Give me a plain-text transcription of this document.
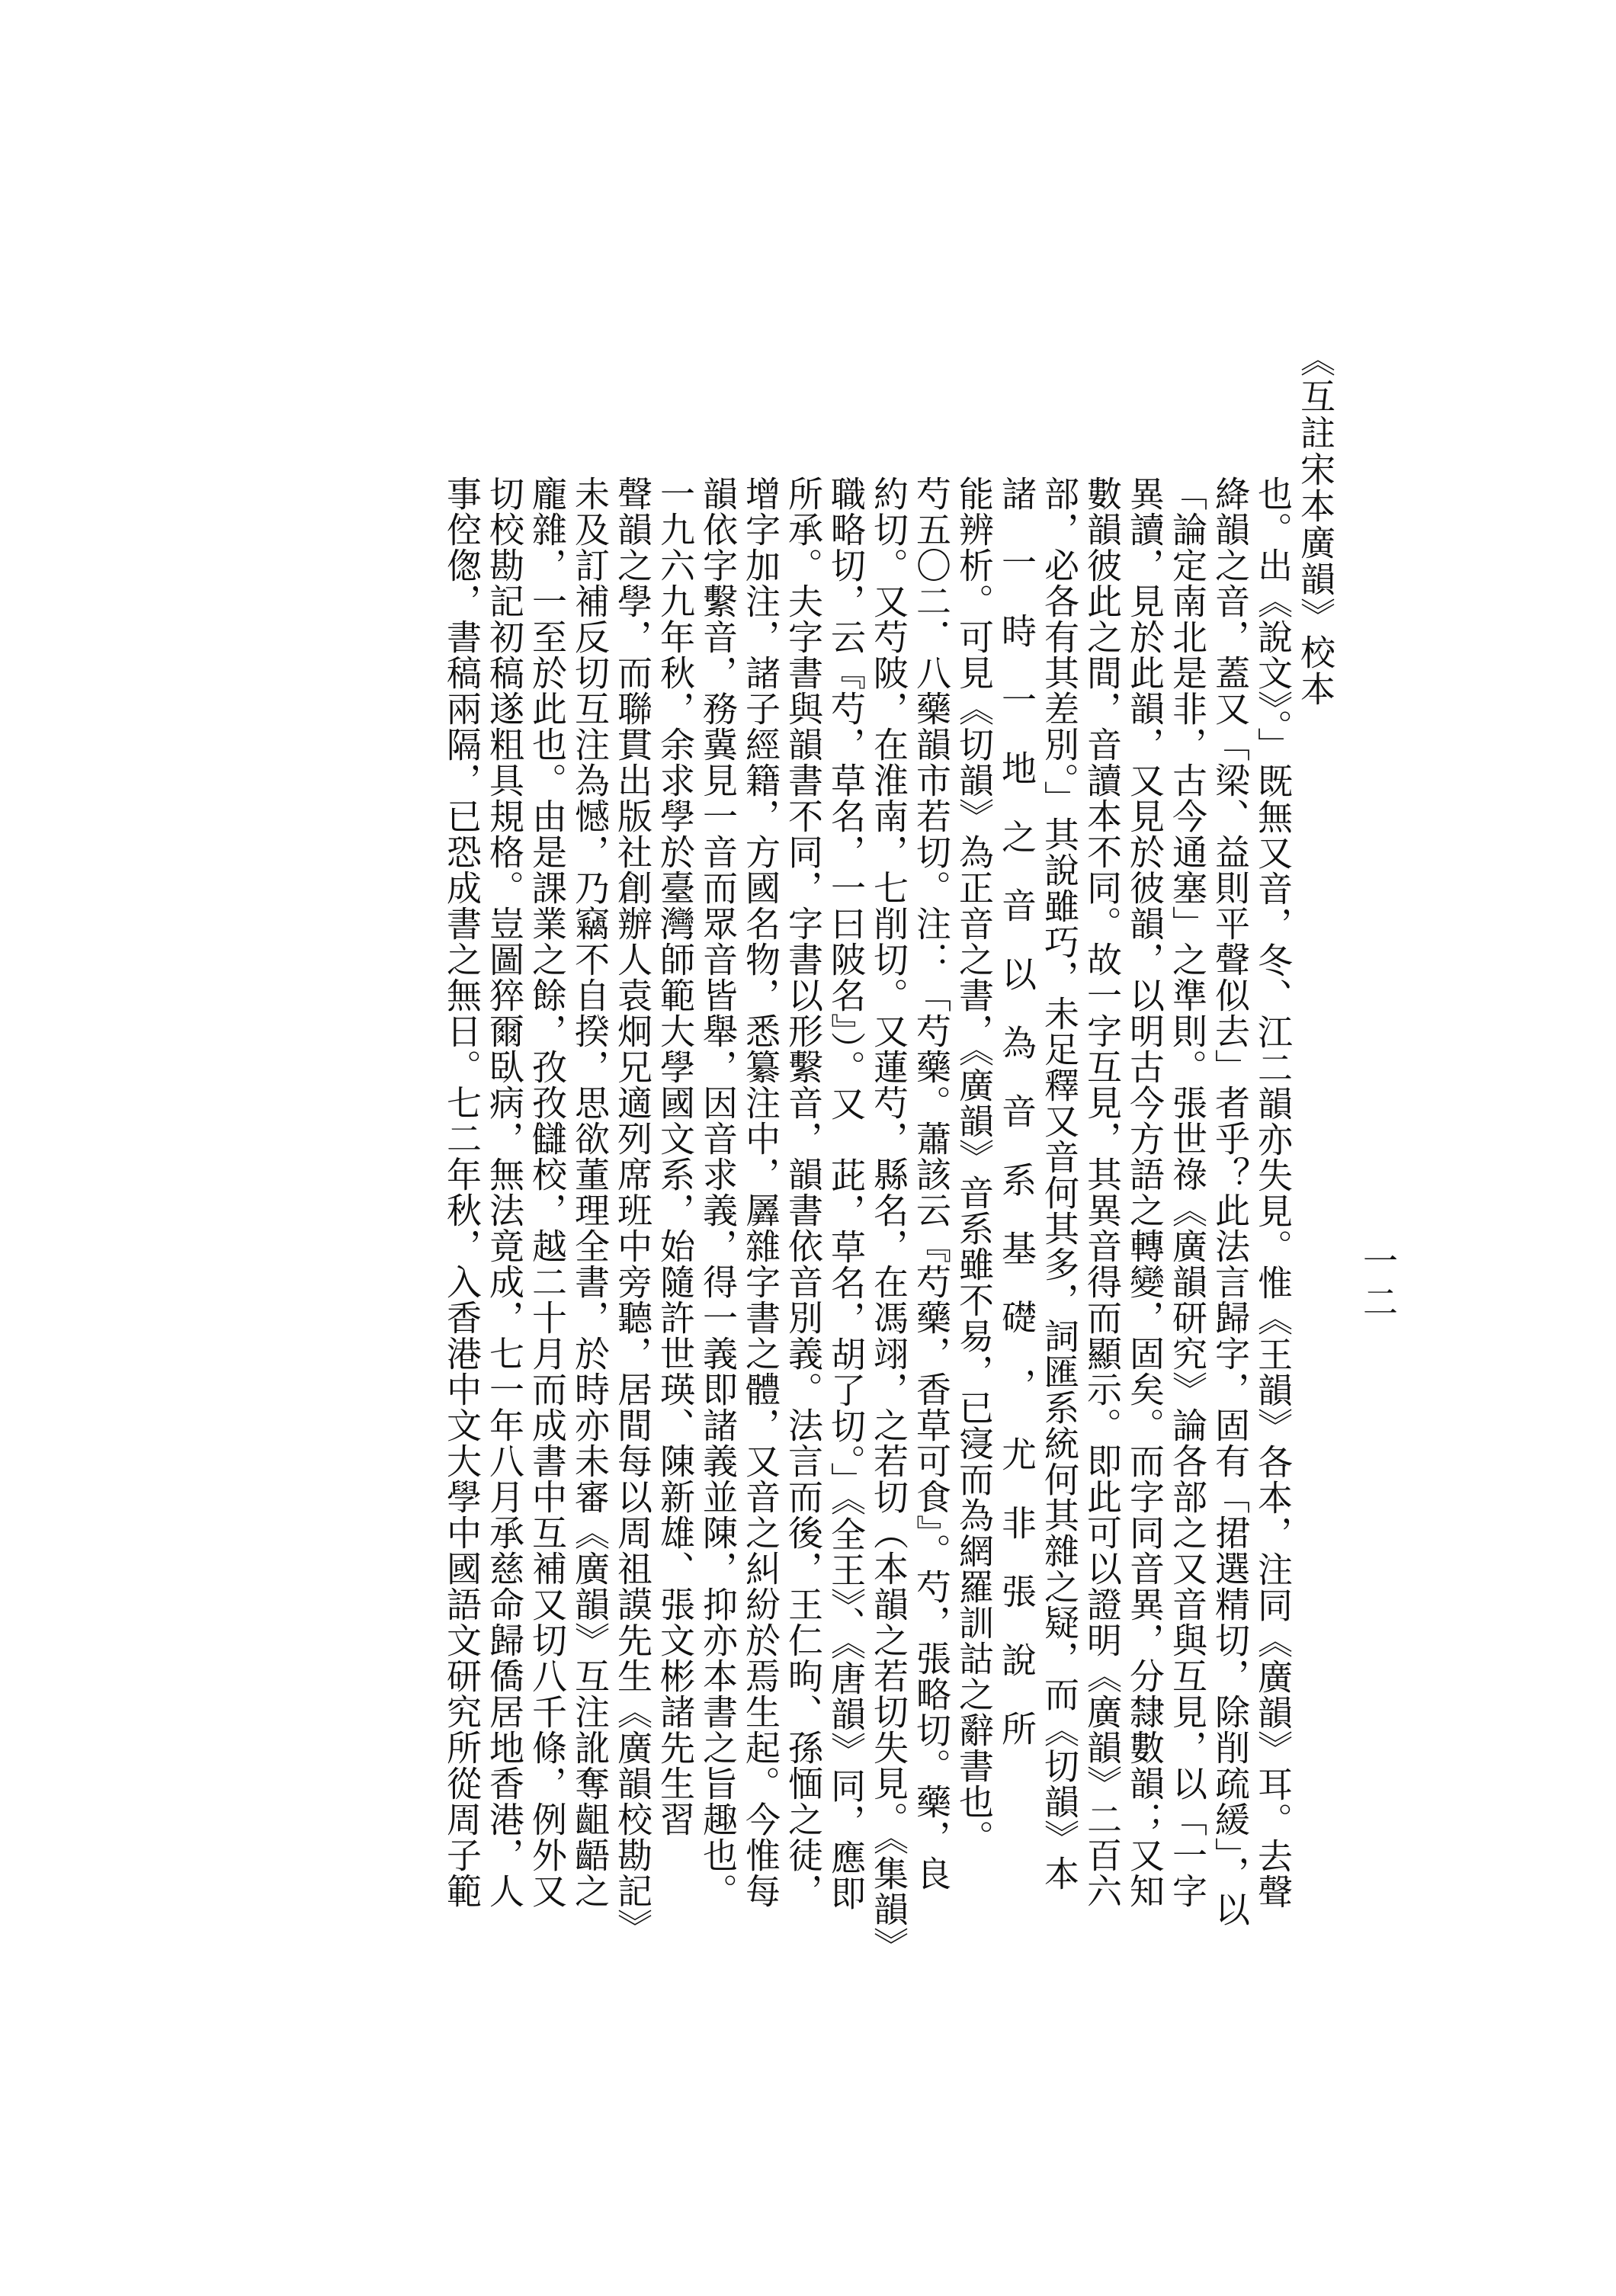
《互註宋本廣韻》校本
一二

也。出《說文》。」既無又音，冬、江二韻亦失見。惟《王韻》各本，注同《廣韻》耳。去聲

絳韻之音，蓋又「梁、益則平聲似去」者乎？此法言歸字，固有「捃選精切，除削疏緩」，以

「論定南北是非，古今通塞」之準則。張世祿《廣韻研究》論各部之又音與互見，以「一字

異讀，見於此韻，又見於彼韻，以明古今方語之轉變，固矣。而字同音異，分隸數韻；又知

數韻彼此之間，音讀本不同。故一字互見，其異音得而顯示。即此可以證明《廣韻》二百六

部，必各有其差別。」其說雖巧，未足釋又音何其多，詞匯系統何其雜之疑，而《切韻》本

諸一時一地之音以為音系基礎，尤非張說所

能辨析。可見《切韻》為正音之書，《廣韻》音系雖不易，已寖而為網羅訓詁之辭書也。

芍五〇二．八藥韻市若切。注：「芍藥。蕭該云『芍藥，香草可食』。芍，張略切。藥，良

約切。又芍陂，在淮南，七削切。又蓮芍，縣名，在馮翊，之若切（本韻之若切失見。《集韻》

職略切，云『芍，草名，一曰陂名』）。又　茈，草名，胡了切。」《全王》、《唐韻》同，應即

所承。夫字書與韻書不同，字書以形繫音，韻書依音別義。法言而後，王仁昫、孫愐之徒，

增字加注，諸子經籍，方國名物，悉纂注中，羼雜字書之體，又音之糾紛於焉生起。今惟每

韻依字繫音，務冀見一音而眾音皆舉，因音求義，得一義即諸義並陳，抑亦本書之旨趣也。

一九六九年秋，余求學於臺灣師範大學國文系，始隨許世瑛、陳新雄、張文彬諸先生習

聲韻之學，而聯貫出版社創辦人袁炯兄適列席班中旁聽，居間每以周祖謨先生《廣韻校勘記》

未及訂補反切互注為憾，乃竊不自揆，思欲董理全書，於時亦未審《廣韻》互注訛奪齟齬之

龐雜，一至於此也。由是課業之餘，孜孜讎校，越二十月而成書中互補又切八千條，例外又

切校勘記初稿遂粗具規格。豈圖猝爾臥病，無法竟成，七一年八月承慈命歸僑居地香港，人

事倥偬，書稿兩隔，已恐成書之無日。七二年秋，入香港中文大學中國語文研究所從周子範
